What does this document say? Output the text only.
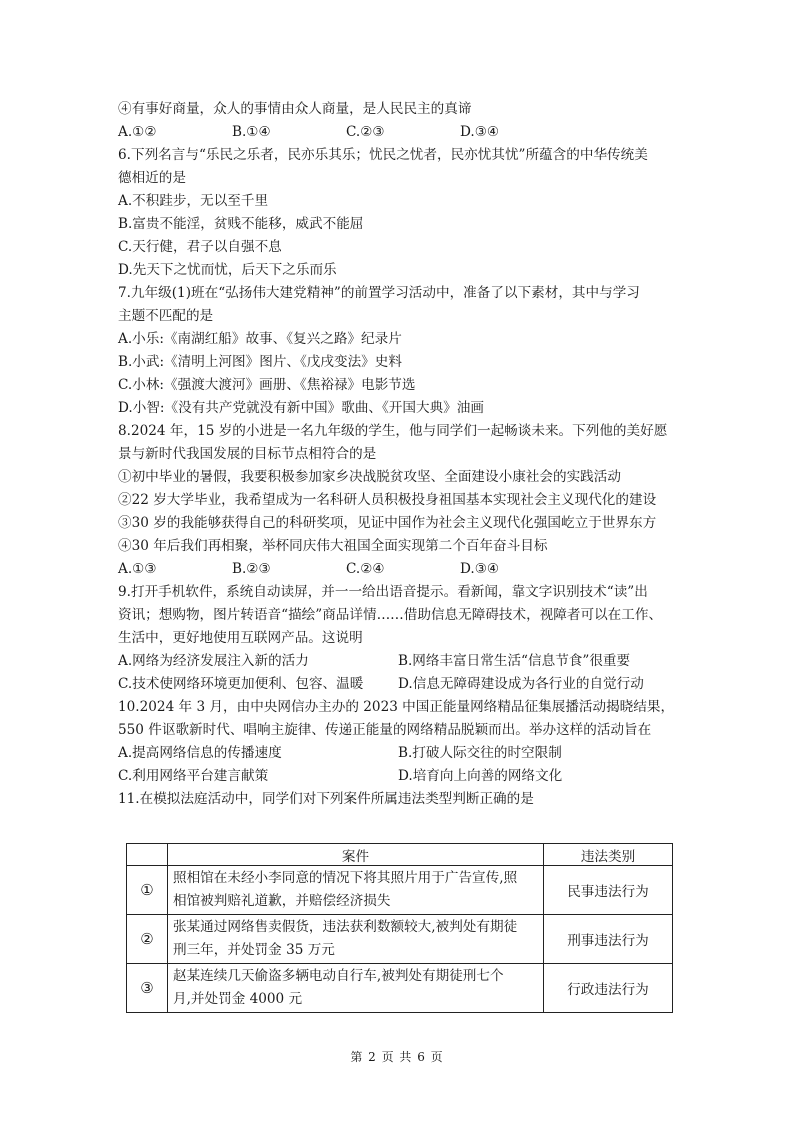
④有事好商量，众人的事情由众人商量，是人民民主的真谛
A.①②	B.①④	C.②③	D.③④
6.下列名言与“乐民之乐者，民亦乐其乐；忧民之忧者，民亦忧其忧”所蕴含的中华传统美
德相近的是
A.不积跬步，无以至千里
B.富贵不能淫，贫贱不能移，威武不能屈
C.天行健，君子以自强不息
D.先天下之忧而忧，后天下之乐而乐
7.九年级(1)班在“弘扬伟大建党精神”的前置学习活动中，准备了以下素材，其中与学习
主题不匹配的是
A.小乐:《南湖红船》故事、《复兴之路》纪录片
B.小武:《清明上河图》图片、《戊戌变法》史料
C.小林:《强渡大渡河》画册、《焦裕禄》电影节选
D.小智:《没有共产党就没有新中国》歌曲、《开国大典》油画
8.2024 年，15 岁的小进是一名九年级的学生，他与同学们一起畅谈未来。下列他的美好愿
景与新时代我国发展的目标节点相符合的是
①初中毕业的暑假，我要积极参加家乡决战脱贫攻坚、全面建设小康社会的实践活动
②22 岁大学毕业，我希望成为一名科研人员积极投身祖国基本实现社会主义现代化的建设
③30 岁的我能够获得自己的科研奖项，见证中国作为社会主义现代化强国屹立于世界东方
④30 年后我们再相聚，举杯同庆伟大祖国全面实现第二个百年奋斗目标
A.①③	B.②③	C.②④	D.③④
9.打开手机软件，系统自动读屏，并一一给出语音提示。看新闻，靠文字识别技术“读”出
资讯；想购物，图片转语音“描绘”商品详情……借助信息无障碍技术，视障者可以在工作、
生活中，更好地使用互联网产品。这说明
A.网络为经济发展注入新的活力	B.网络丰富日常生活“信息节食”很重要
C.技术使网络环境更加便利、包容、温暖	D.信息无障碍建设成为各行业的自觉行动
10.2024 年 3 月，由中央网信办主办的 2023 中国正能量网络精品征集展播活动揭晓结果，
550 件讴歌新时代、唱响主旋律、传递正能量的网络精品脱颖而出。举办这样的活动旨在
A.提高网络信息的传播速度	B.打破人际交往的时空限制
C.利用网络平台建言献策	D.培育向上向善的网络文化
11.在模拟法庭活动中，同学们对下列案件所属违法类型判断正确的是
	案件	违法类别
①	照相馆在未经小李同意的情况下将其照片用于广告宣传,照
相馆被判赔礼道歉，并赔偿经济损失	民事违法行为
②	张某通过网络售卖假货，违法获利数额较大,被判处有期徒
刑三年，并处罚金 35 万元	刑事违法行为
③	赵某连续几天偷盗多辆电动自行车,被判处有期徒刑七个
月,并处罚金 4000 元	行政违法行为
第 2 页 共 6 页
